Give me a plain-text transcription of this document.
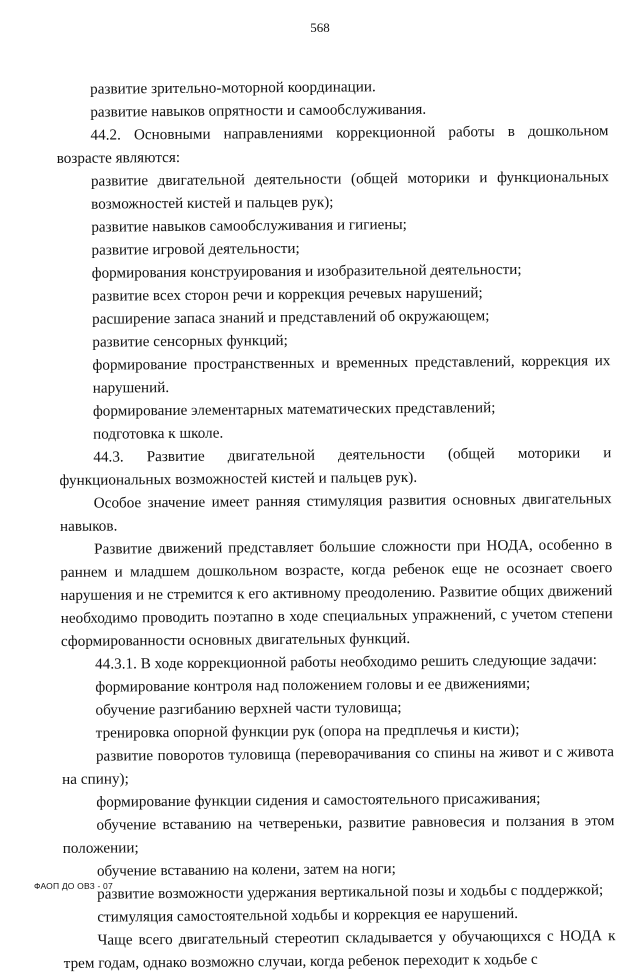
568

развитие зрительно-моторной координации.

развитие навыков опрятности и самообслуживания.

44.2. Основными направлениями коррекционной работы в дошкольном возрасте являются:

развитие двигательной деятельности (общей моторики и функциональных возможностей кистей и пальцев рук);

развитие навыков самообслуживания и гигиены;

развитие игровой деятельности;

формирования конструирования и изобразительной деятельности;

развитие всех сторон речи и коррекция речевых нарушений;

расширение запаса знаний и представлений об окружающем;

развитие сенсорных функций;

формирование пространственных и временных представлений, коррекция их нарушений.

формирование элементарных математических представлений;

подготовка к школе.

44.3. Развитие двигательной деятельности (общей моторики и функциональных возможностей кистей и пальцев рук).

Особое значение имеет ранняя стимуляция развития основных двигательных навыков.

Развитие движений представляет большие сложности при НОДА, особенно в раннем и младшем дошкольном возрасте, когда ребенок еще не осознает своего нарушения и не стремится к его активному преодолению. Развитие общих движений необходимо проводить поэтапно в ходе специальных упражнений, с учетом степени сформированности основных двигательных функций.

44.3.1. В ходе коррекционной работы необходимо решить следующие задачи:

формирование контроля над положением головы и ее движениями;

обучение разгибанию верхней части туловища;

тренировка опорной функции рук (опора на предплечья и кисти);

развитие поворотов туловища (переворачивания со спины на живот и с живота на спину);

формирование функции сидения и самостоятельного присаживания;

обучение вставанию на четвереньки, развитие равновесия и ползания в этом положении;

обучение вставанию на колени, затем на ноги;

развитие возможности удержания вертикальной позы и ходьбы с поддержкой;

стимуляция самостоятельной ходьбы и коррекция ее нарушений.

Чаще всего двигательный стереотип складывается у обучающихся с НОДА к трем годам, однако возможно случаи, когда ребенок переходит к ходьбе с

ФАОП ДО ОВЗ - 07
